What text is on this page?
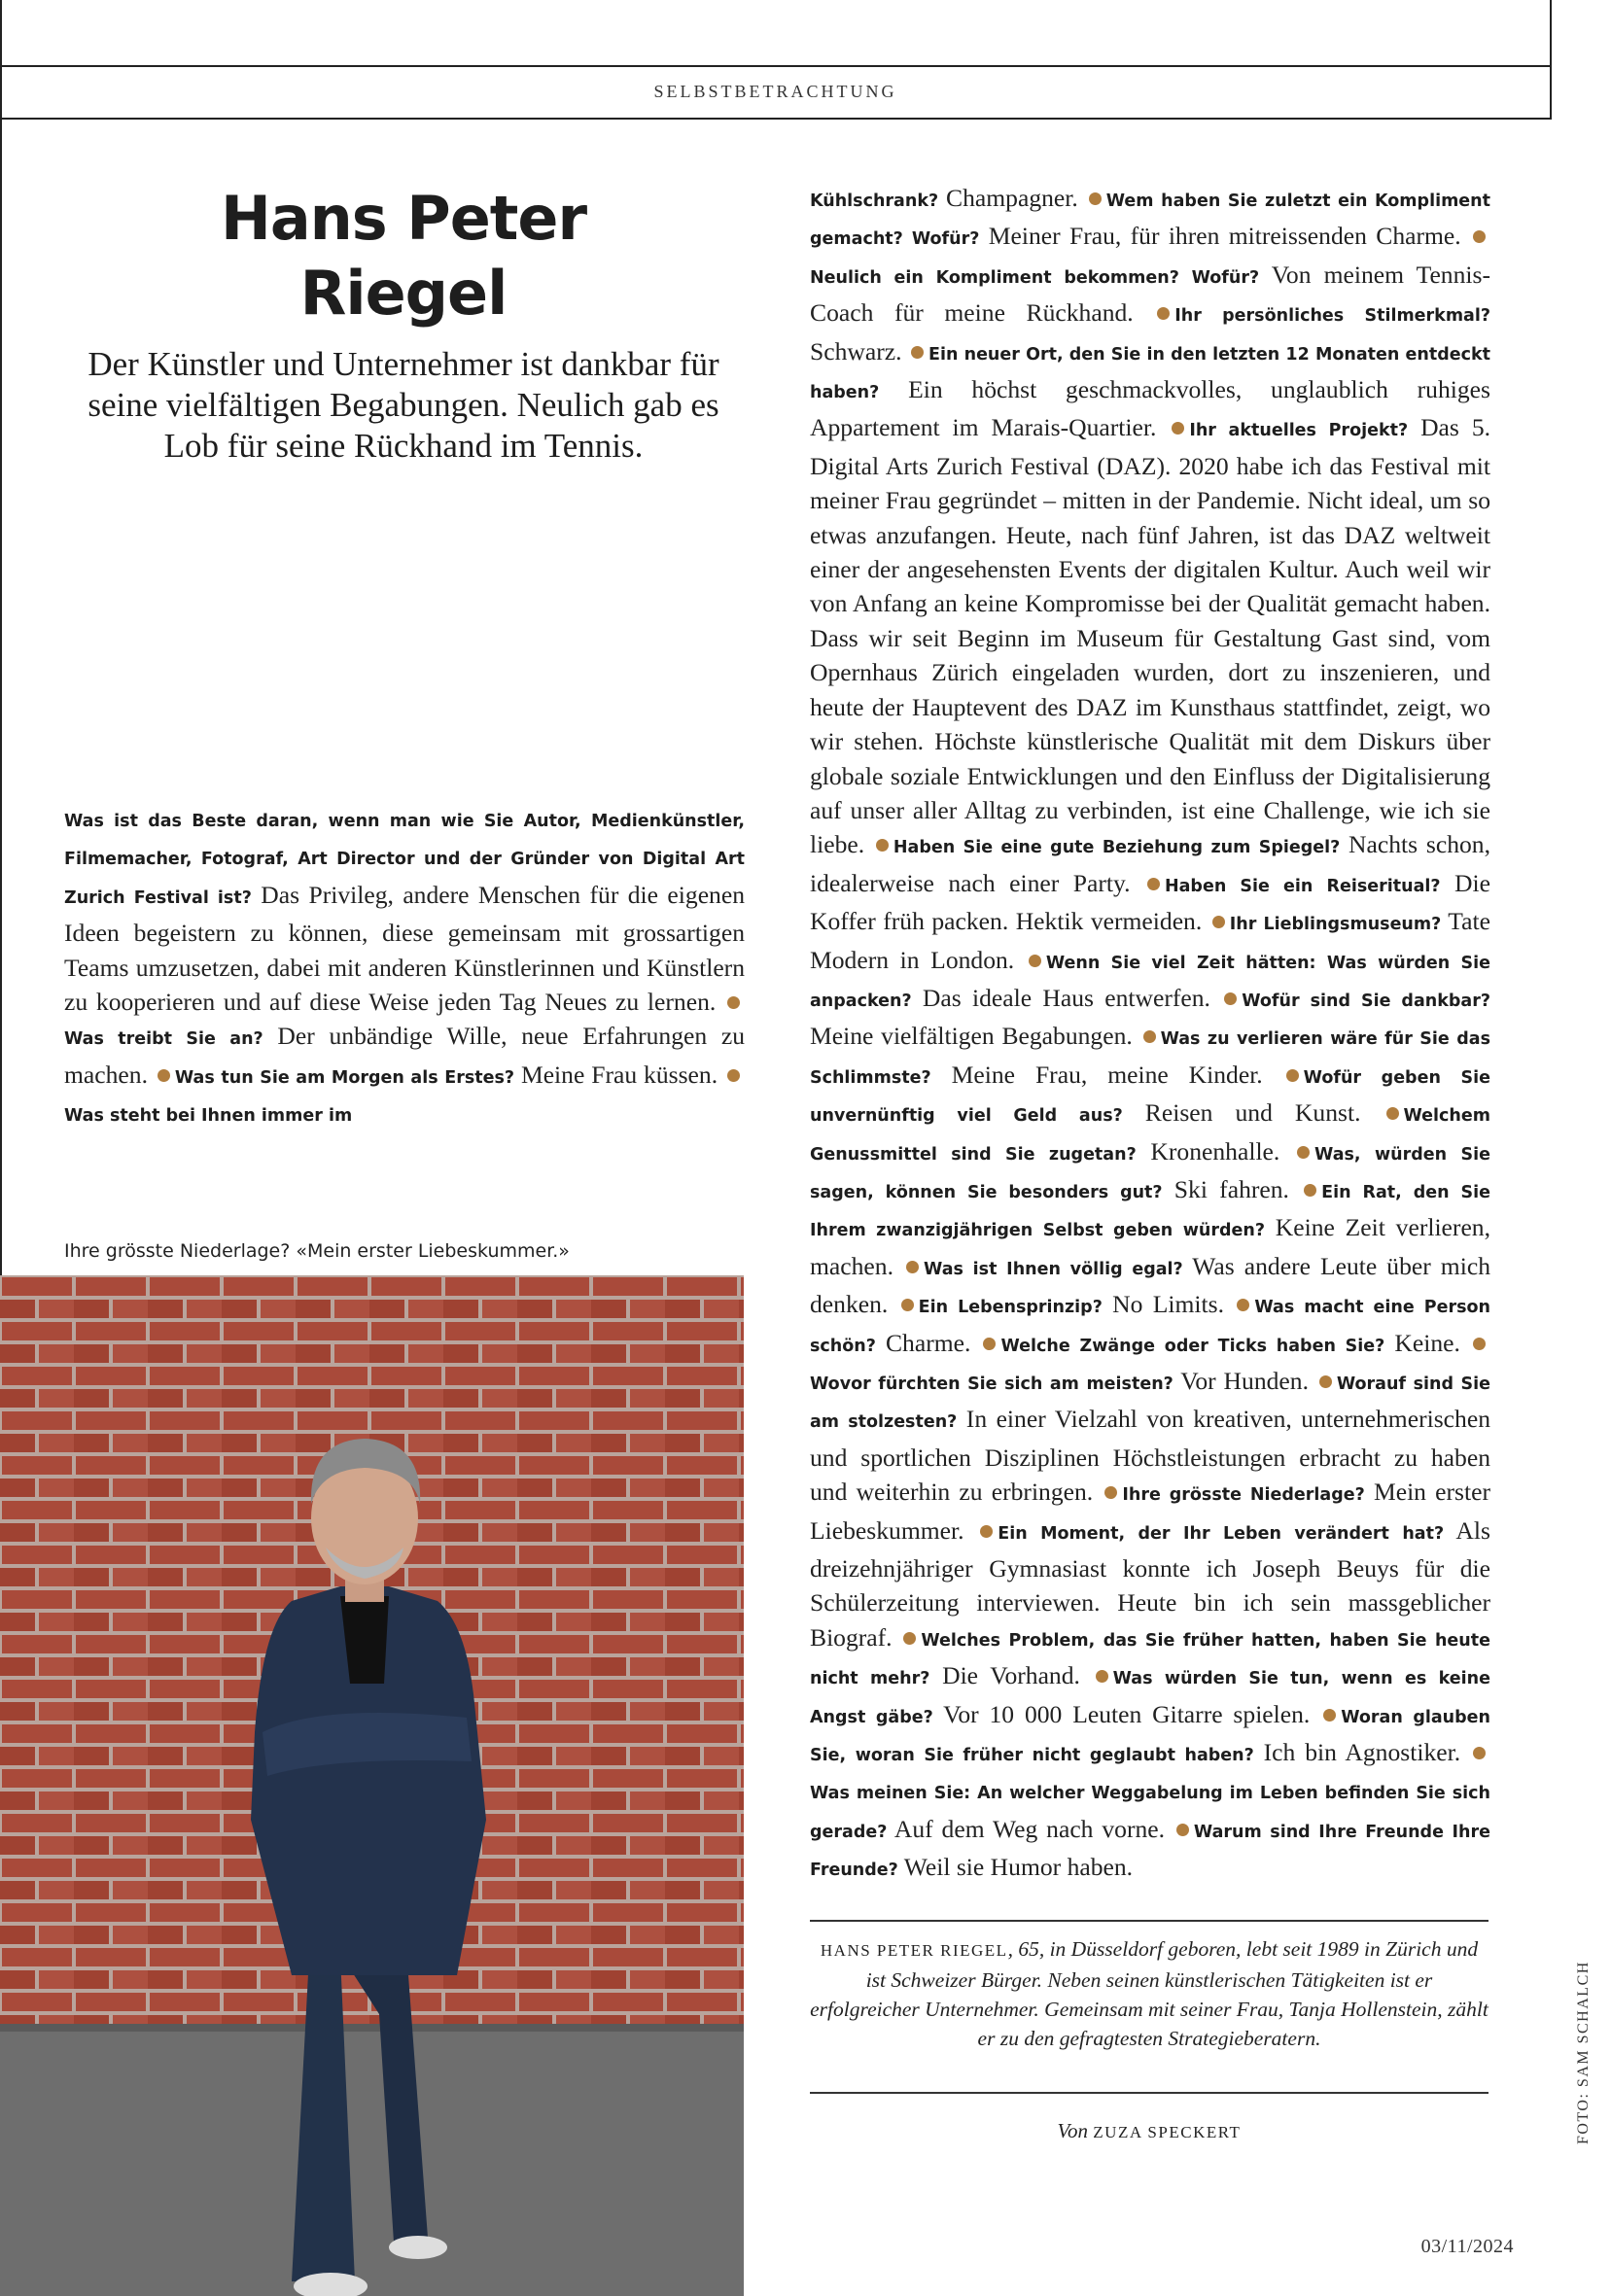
SELBSTBETRACHTUNG
Hans Peter
Riegel

Der Künstler und Unternehmer ist dankbar für seine vielfältigen Begabungen. Neulich gab es Lob für seine Rückhand im Tennis.

Was ist das Beste daran, wenn man wie Sie Autor, Medienkünstler, Filmemacher, Fotograf, Art Director und der Gründer von Digital Art Zurich Festival ist? Das Privileg, andere Menschen für die eigenen Ideen begeistern zu können, diese gemeinsam mit grossartigen Teams umzusetzen, dabei mit anderen Künstlerinnen und Künstlern zu kooperieren und auf diese Weise jeden Tag Neues zu lernen. Was treibt Sie an? Der unbändige Wille, neue Erfahrungen zu machen. Was tun Sie am Morgen als Erstes? Meine Frau küssen. Was steht bei Ihnen immer im

Kühlschrank? Champagner. Wem haben Sie zuletzt ein Kompliment gemacht? Wofür? Meiner Frau, für ihren mitreissenden Charme. Neulich ein Kompliment bekommen? Wofür? Von meinem Tennis-Coach für meine Rückhand. Ihr persönliches Stilmerkmal? Schwarz. Ein neuer Ort, den Sie in den letzten 12 Monaten entdeckt haben? Ein höchst geschmackvolles, unglaublich ruhiges Appartement im Marais-Quartier. Ihr aktuelles Projekt? Das 5. Digital Arts Zurich Festival (DAZ). 2020 habe ich das Festival mit meiner Frau gegründet – mitten in der Pandemie. Nicht ideal, um so etwas anzufangen. Heute, nach fünf Jahren, ist das DAZ weltweit einer der angesehensten Events der digitalen Kultur. Auch weil wir von Anfang an keine Kompromisse bei der Qualität gemacht haben. Dass wir seit Beginn im Museum für Gestaltung Gast sind, vom Opernhaus Zürich eingeladen wurden, dort zu inszenieren, und heute der Hauptevent des DAZ im Kunsthaus stattfindet, zeigt, wo wir stehen. Höchste künstlerische Qualität mit dem Diskurs über globale soziale Entwicklungen und den Einfluss der Digitalisierung auf unser aller Alltag zu verbinden, ist eine Challenge, wie ich sie liebe. Haben Sie eine gute Beziehung zum Spiegel? Nachts schon, idealerweise nach einer Party. Haben Sie ein Reiseritual? Die Koffer früh packen. Hektik vermeiden. Ihr Lieblingsmuseum? Tate Modern in London. Wenn Sie viel Zeit hätten: Was würden Sie anpacken? Das ideale Haus entwerfen. Wofür sind Sie dankbar? Meine vielfältigen Begabungen. Was zu verlieren wäre für Sie das Schlimmste? Meine Frau, meine Kinder. Wofür geben Sie unvernünftig viel Geld aus? Reisen und Kunst. Welchem Genussmittel sind Sie zugetan? Kronenhalle. Was, würden Sie sagen, können Sie besonders gut? Ski fahren. Ein Rat, den Sie Ihrem zwanzigjährigen Selbst geben würden? Keine Zeit verlieren, machen. Was ist Ihnen völlig egal? Was andere Leute über mich denken. Ein Lebensprinzip? No Limits. Was macht eine Person schön? Charme. Welche Zwänge oder Ticks haben Sie? Keine. Wovor fürchten Sie sich am meisten? Vor Hunden. Worauf sind Sie am stolzesten? In einer Vielzahl von kreativen, unternehmerischen und sportlichen Disziplinen Höchstleistungen erbracht zu haben und weiterhin zu erbringen. Ihre grösste Niederlage? Mein erster Liebeskummer. Ein Moment, der Ihr Leben verändert hat? Als dreizehnjähriger Gymnasiast konnte ich Joseph Beuys für die Schülerzeitung interviewen. Heute bin ich sein massgeblicher Biograf. Welches Problem, das Sie früher hatten, haben Sie heute nicht mehr? Die Vorhand. Was würden Sie tun, wenn es keine Angst gäbe? Vor 10 000 Leuten Gitarre spielen. Woran glauben Sie, woran Sie früher nicht geglaubt haben? Ich bin Agnostiker. Was meinen Sie: An welcher Weggabelung im Leben befinden Sie sich gerade? Auf dem Weg nach vorne. Warum sind Ihre Freunde Ihre Freunde? Weil sie Humor haben.

Ihre grösste Niederlage? «Mein erster Liebeskummer.»

HANS PETER RIEGEL, 65, in Düsseldorf geboren, lebt seit 1989 in Zürich und ist Schweizer Bürger. Neben seinen künstlerischen Tätigkeiten ist er erfolgreicher Unternehmer. Gemeinsam mit seiner Frau, Tanja Hollenstein, zählt er zu den gefragtesten Strategieberatern.

Von ZUZA SPECKERT	FOTO: SAM SCHALCH
03/11/2024
